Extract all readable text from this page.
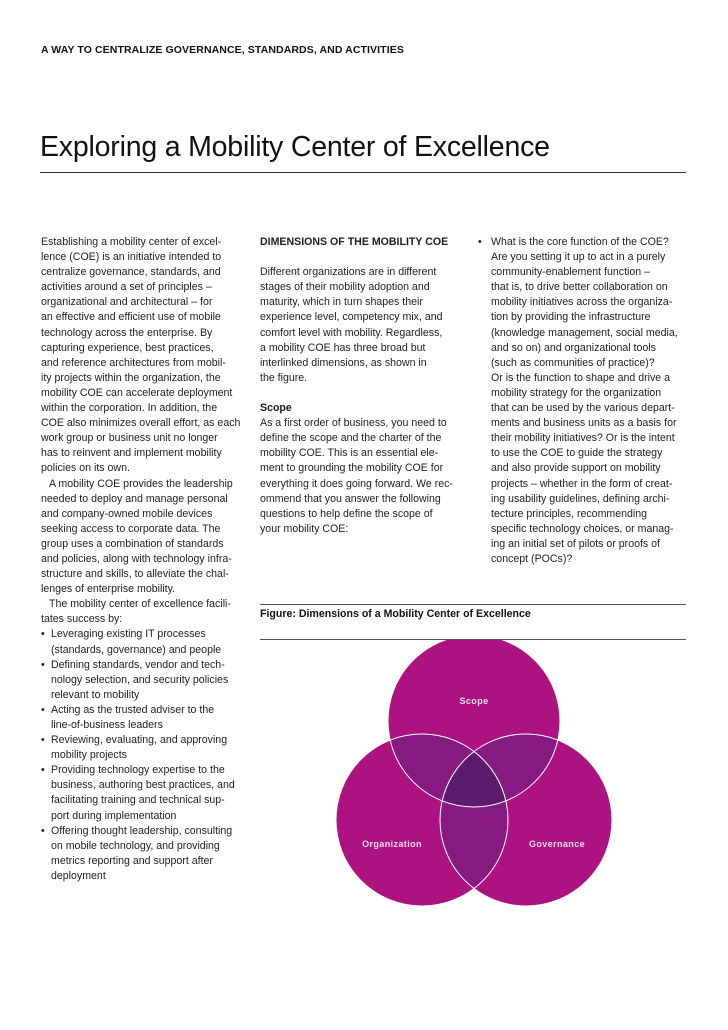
A WAY TO CENTRALIZE GOVERNANCE, STANDARDS, AND ACTIVITIES
Exploring a Mobility Center of Excellence

Establishing a mobility center of excel-
lence (COE) is an initiative intended to
centralize governance, standards, and
activities around a set of principles –
organizational and architectural – for
an effective and efficient use of mobile
technology across the enterprise. By
capturing experience, best practices,
and reference architectures from mobil-
ity projects within the organization, the
mobility COE can accelerate deployment
within the corporation. In addition, the
COE also minimizes overall effort, as each
work group or business unit no longer
has to reinvent and implement mobility
policies on its own.

A mobility COE provides the leadership
needed to deploy and manage personal
and company-owned mobile devices
seeking access to corporate data. The
group uses a combination of standards
and policies, along with technology infra-
structure and skills, to alleviate the chal-
lenges of enterprise mobility.

The mobility center of excellence facili-
tates success by:

• Leveraging existing IT processes
(standards, governance) and people
• Defining standards, vendor and tech-
nology selection, and security policies
relevant to mobility
• Acting as the trusted adviser to the
line-of-business leaders
• Reviewing, evaluating, and approving
mobility projects
• Providing technology expertise to the
business, authoring best practices, and
facilitating training and technical sup-
port during implementation
• Offering thought leadership, consulting
on mobile technology, and providing
metrics reporting and support after
deployment

DIMENSIONS OF THE MOBILITY COE

Different organizations are in different
stages of their mobility adoption and
maturity, which in turn shapes their
experience level, competency mix, and
comfort level with mobility. Regardless,
a mobility COE has three broad but
interlinked dimensions, as shown in
the figure.

Scope

As a first order of business, you need to
define the scope and the charter of the
mobility COE. This is an essential ele-
ment to grounding the mobility COE for
everything it does going forward. We rec-
ommend that you answer the following
questions to help define the scope of
your mobility COE:

• What is the core function of the COE?
Are you setting it up to act in a purely
community-enablement function –
that is, to drive better collaboration on
mobility initiatives across the organiza-
tion by providing the infrastructure
(knowledge management, social media,
and so on) and organizational tools
(such as communities of practice)?
Or is the function to shape and drive a
mobility strategy for the organization
that can be used by the various depart-
ments and business units as a basis for
their mobility initiatives? Or is the intent
to use the COE to guide the strategy
and also provide support on mobility
projects – whether in the form of creat-
ing usability guidelines, defining archi-
tecture principles, recommending
specific technology choices, or manag-
ing an initial set of pilots or proofs of
concept (POCs)?
Figure: Dimensions of a Mobility Center of Excellence
Scope
Organization	Governance
